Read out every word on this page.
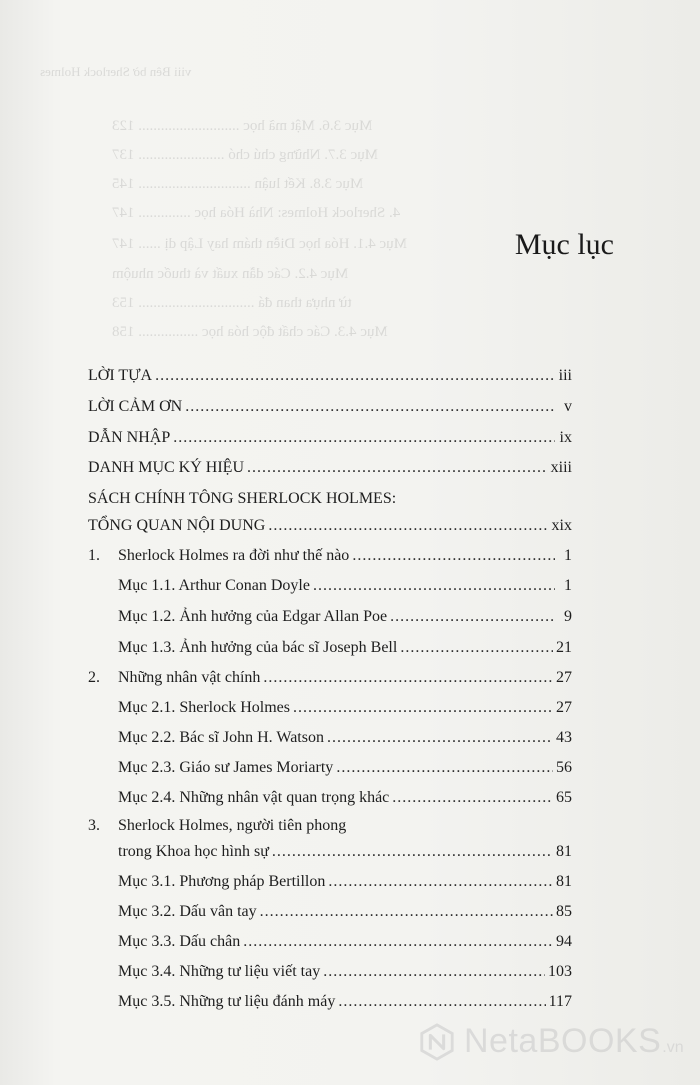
viii Bên bờ Sherlock Holmes
Mục 3.6. Mật mã học ........................... 123
Mục 3.7. Những chú chó ....................... 137
Mục 3.8. Kết luận .............................. 145
4. Sherlock Holmes: Nhà Hóa học .............. 147
Mục 4.1. Hóa học Diễn thám hay Lập dị ...... 147
Mục 4.2. Các dẫn xuất và thuốc nhuộm
từ nhựa than đá ............................... 153
Mục 4.3. Các chất độc hóa học ................ 158
Mục lục
LỜI TỰA .....	iii
LỜI CẢM ƠN .....	v
DẪN NHẬP .....	ix
DANH MỤC KÝ HIỆU .....	xiii
SÁCH CHÍNH TÔNG SHERLOCK HOLMES:
TỔNG QUAN NỘI DUNG .....	xix
1.	Sherlock Holmes ra đời như thế nào .....	1
Mục 1.1. Arthur Conan Doyle .....	1
Mục 1.2. Ảnh hưởng của Edgar Allan Poe .....	9
Mục 1.3. Ảnh hưởng của bác sĩ Joseph Bell .....	21
2.	Những nhân vật chính .....	27
Mục 2.1. Sherlock Holmes .....	27
Mục 2.2. Bác sĩ John H. Watson .....	43
Mục 2.3. Giáo sư James Moriarty .....	56
Mục 2.4. Những nhân vật quan trọng khác .....	65
3. Sherlock Holmes, người tiên phong
trong Khoa học hình sự .....	81
Mục 3.1. Phương pháp Bertillon .....	81
Mục 3.2. Dấu vân tay .....	85
Mục 3.3. Dấu chân .....	94
Mục 3.4. Những tư liệu viết tay .....	103
Mục 3.5. Những tư liệu đánh máy .....	117
NetaBOOKS .vn
